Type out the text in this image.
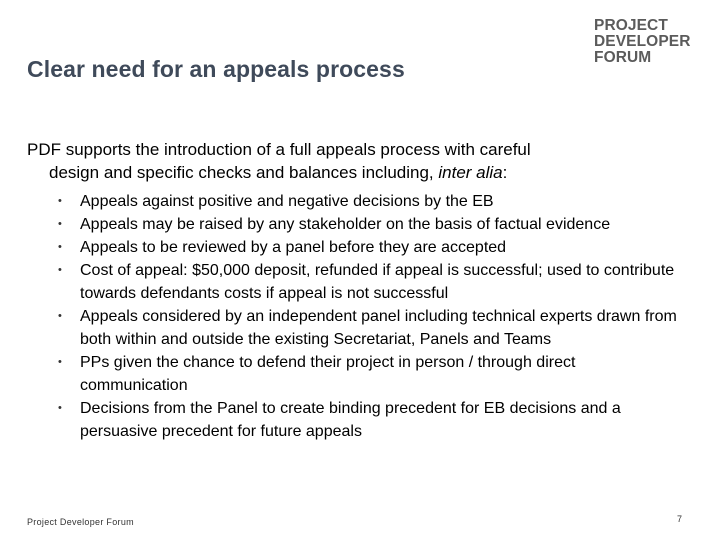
Clear need for an appeals process
PROJECT
DEVELOPER
FORUM
PDF supports the introduction of a full appeals process with careful
design and specific checks and balances including, inter alia:
• Appeals against positive and negative decisions by the EB
• Appeals may be raised by any stakeholder on the basis of factual evidence
• Appeals to be reviewed by a panel before they are accepted
• Cost of appeal: $50,000 deposit, refunded if appeal is successful; used to contribute towards defendants costs if appeal is not successful
• Appeals considered by an independent panel including technical experts drawn from both within and outside the existing Secretariat, Panels and Teams
• PPs given the chance to defend their project in person / through direct communication
• Decisions from the Panel to create binding precedent for EB decisions and a persuasive precedent for future appeals
Project Developer Forum	7
